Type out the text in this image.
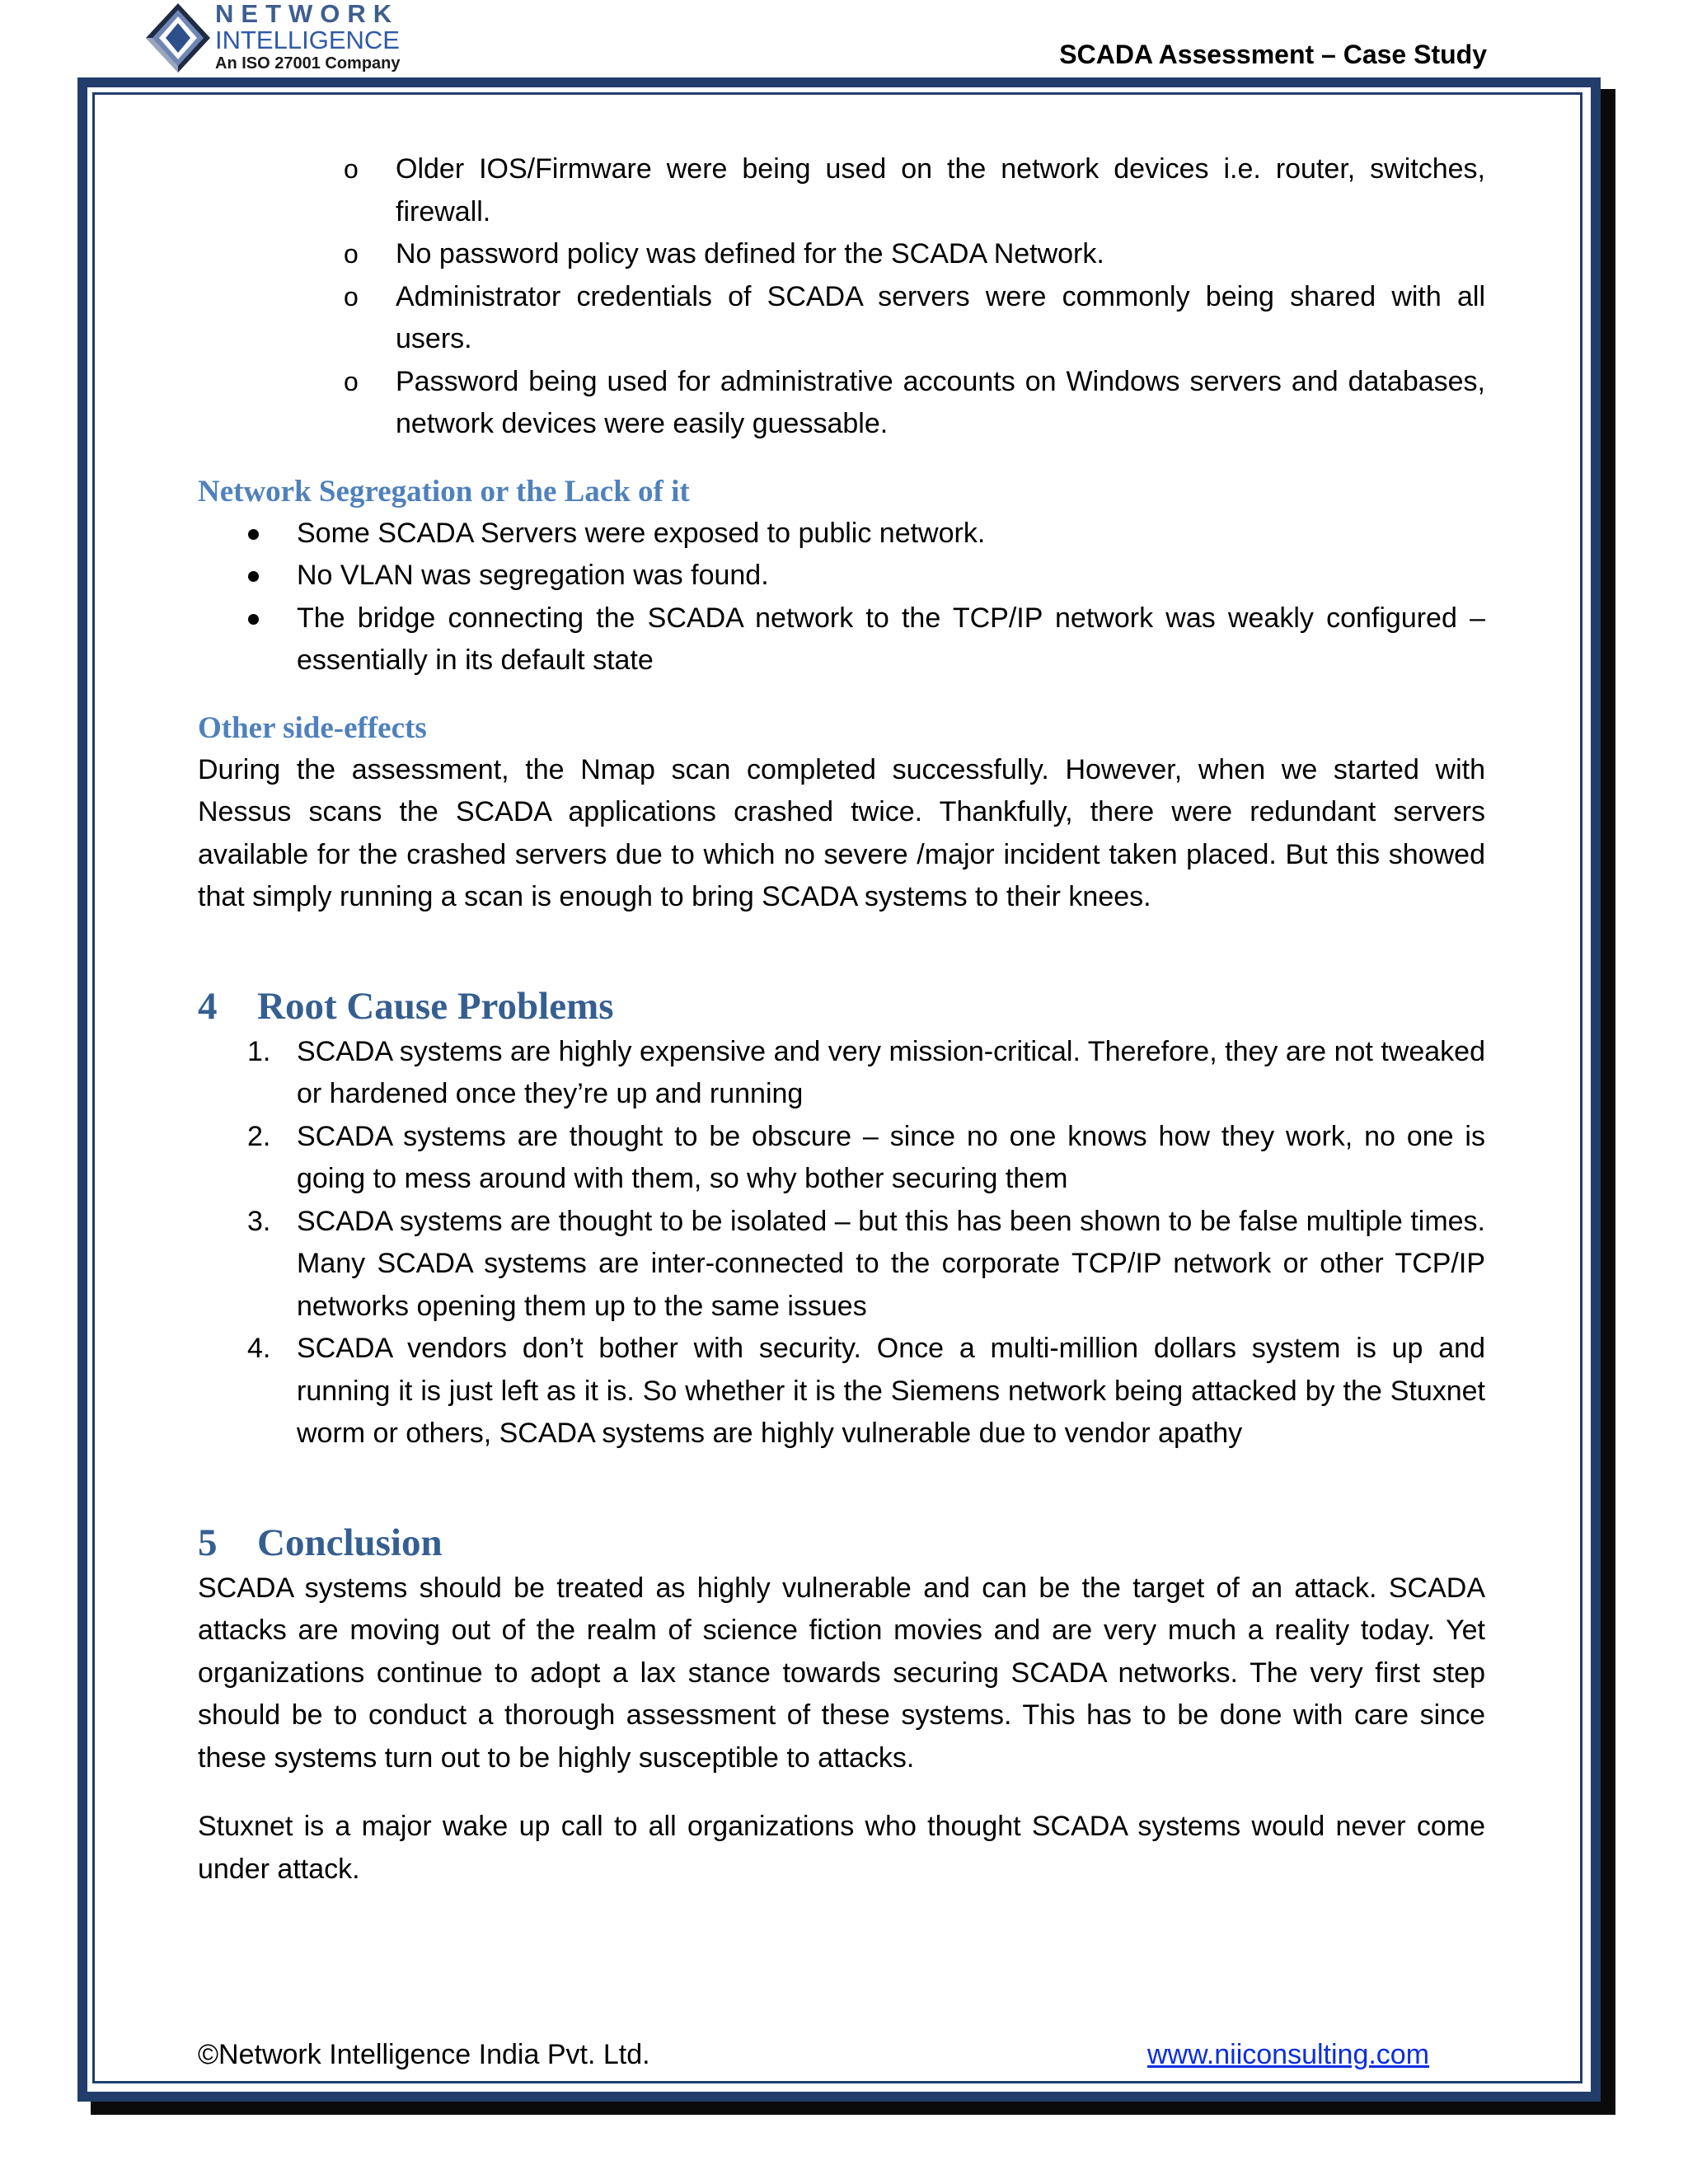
NETWORK
INTELLIGENCE
An ISO 27001 Company	SCADA Assessment – Case Study
o Older IOS/Firmware were being used on the network devices i.e. router, switches, firewall.
o No password policy was defined for the SCADA Network.
o Administrator credentials of SCADA servers were commonly being shared with all users.
o Password being used for administrative accounts on Windows servers and databases, network devices were easily guessable.
Network Segregation or the Lack of it
Some SCADA Servers were exposed to public network.
No VLAN was segregation was found.
The bridge connecting the SCADA network to the TCP/IP network was weakly configured – essentially in its default state
Other side-effects

During the assessment, the Nmap scan completed successfully. However, when we started with Nessus scans the SCADA applications crashed twice. Thankfully, there were redundant servers available for the crashed servers due to which no severe /major incident taken placed. But this showed that simply running a scan is enough to bring SCADA systems to their knees.

4 Root Cause Problems
1. SCADA systems are highly expensive and very mission-critical. Therefore, they are not tweaked or hardened once they’re up and running
2. SCADA systems are thought to be obscure – since no one knows how they work, no one is going to mess around with them, so why bother securing them
3. SCADA systems are thought to be isolated – but this has been shown to be false multiple times. Many SCADA systems are inter-connected to the corporate TCP/IP network or other TCP/IP networks opening them up to the same issues
4. SCADA vendors don’t bother with security. Once a multi-million dollars system is up and running it is just left as it is. So whether it is the Siemens network being attacked by the Stuxnet worm or others, SCADA systems are highly vulnerable due to vendor apathy
5 Conclusion

SCADA systems should be treated as highly vulnerable and can be the target of an attack. SCADA attacks are moving out of the realm of science fiction movies and are very much a reality today. Yet organizations continue to adopt a lax stance towards securing SCADA networks. The very first step should be to conduct a thorough assessment of these systems. This has to be done with care since these systems turn out to be highly susceptible to attacks.

Stuxnet is a major wake up call to all organizations who thought SCADA systems would never come under attack.

©Network Intelligence India Pvt. Ltd.	www.niiconsulting.com
